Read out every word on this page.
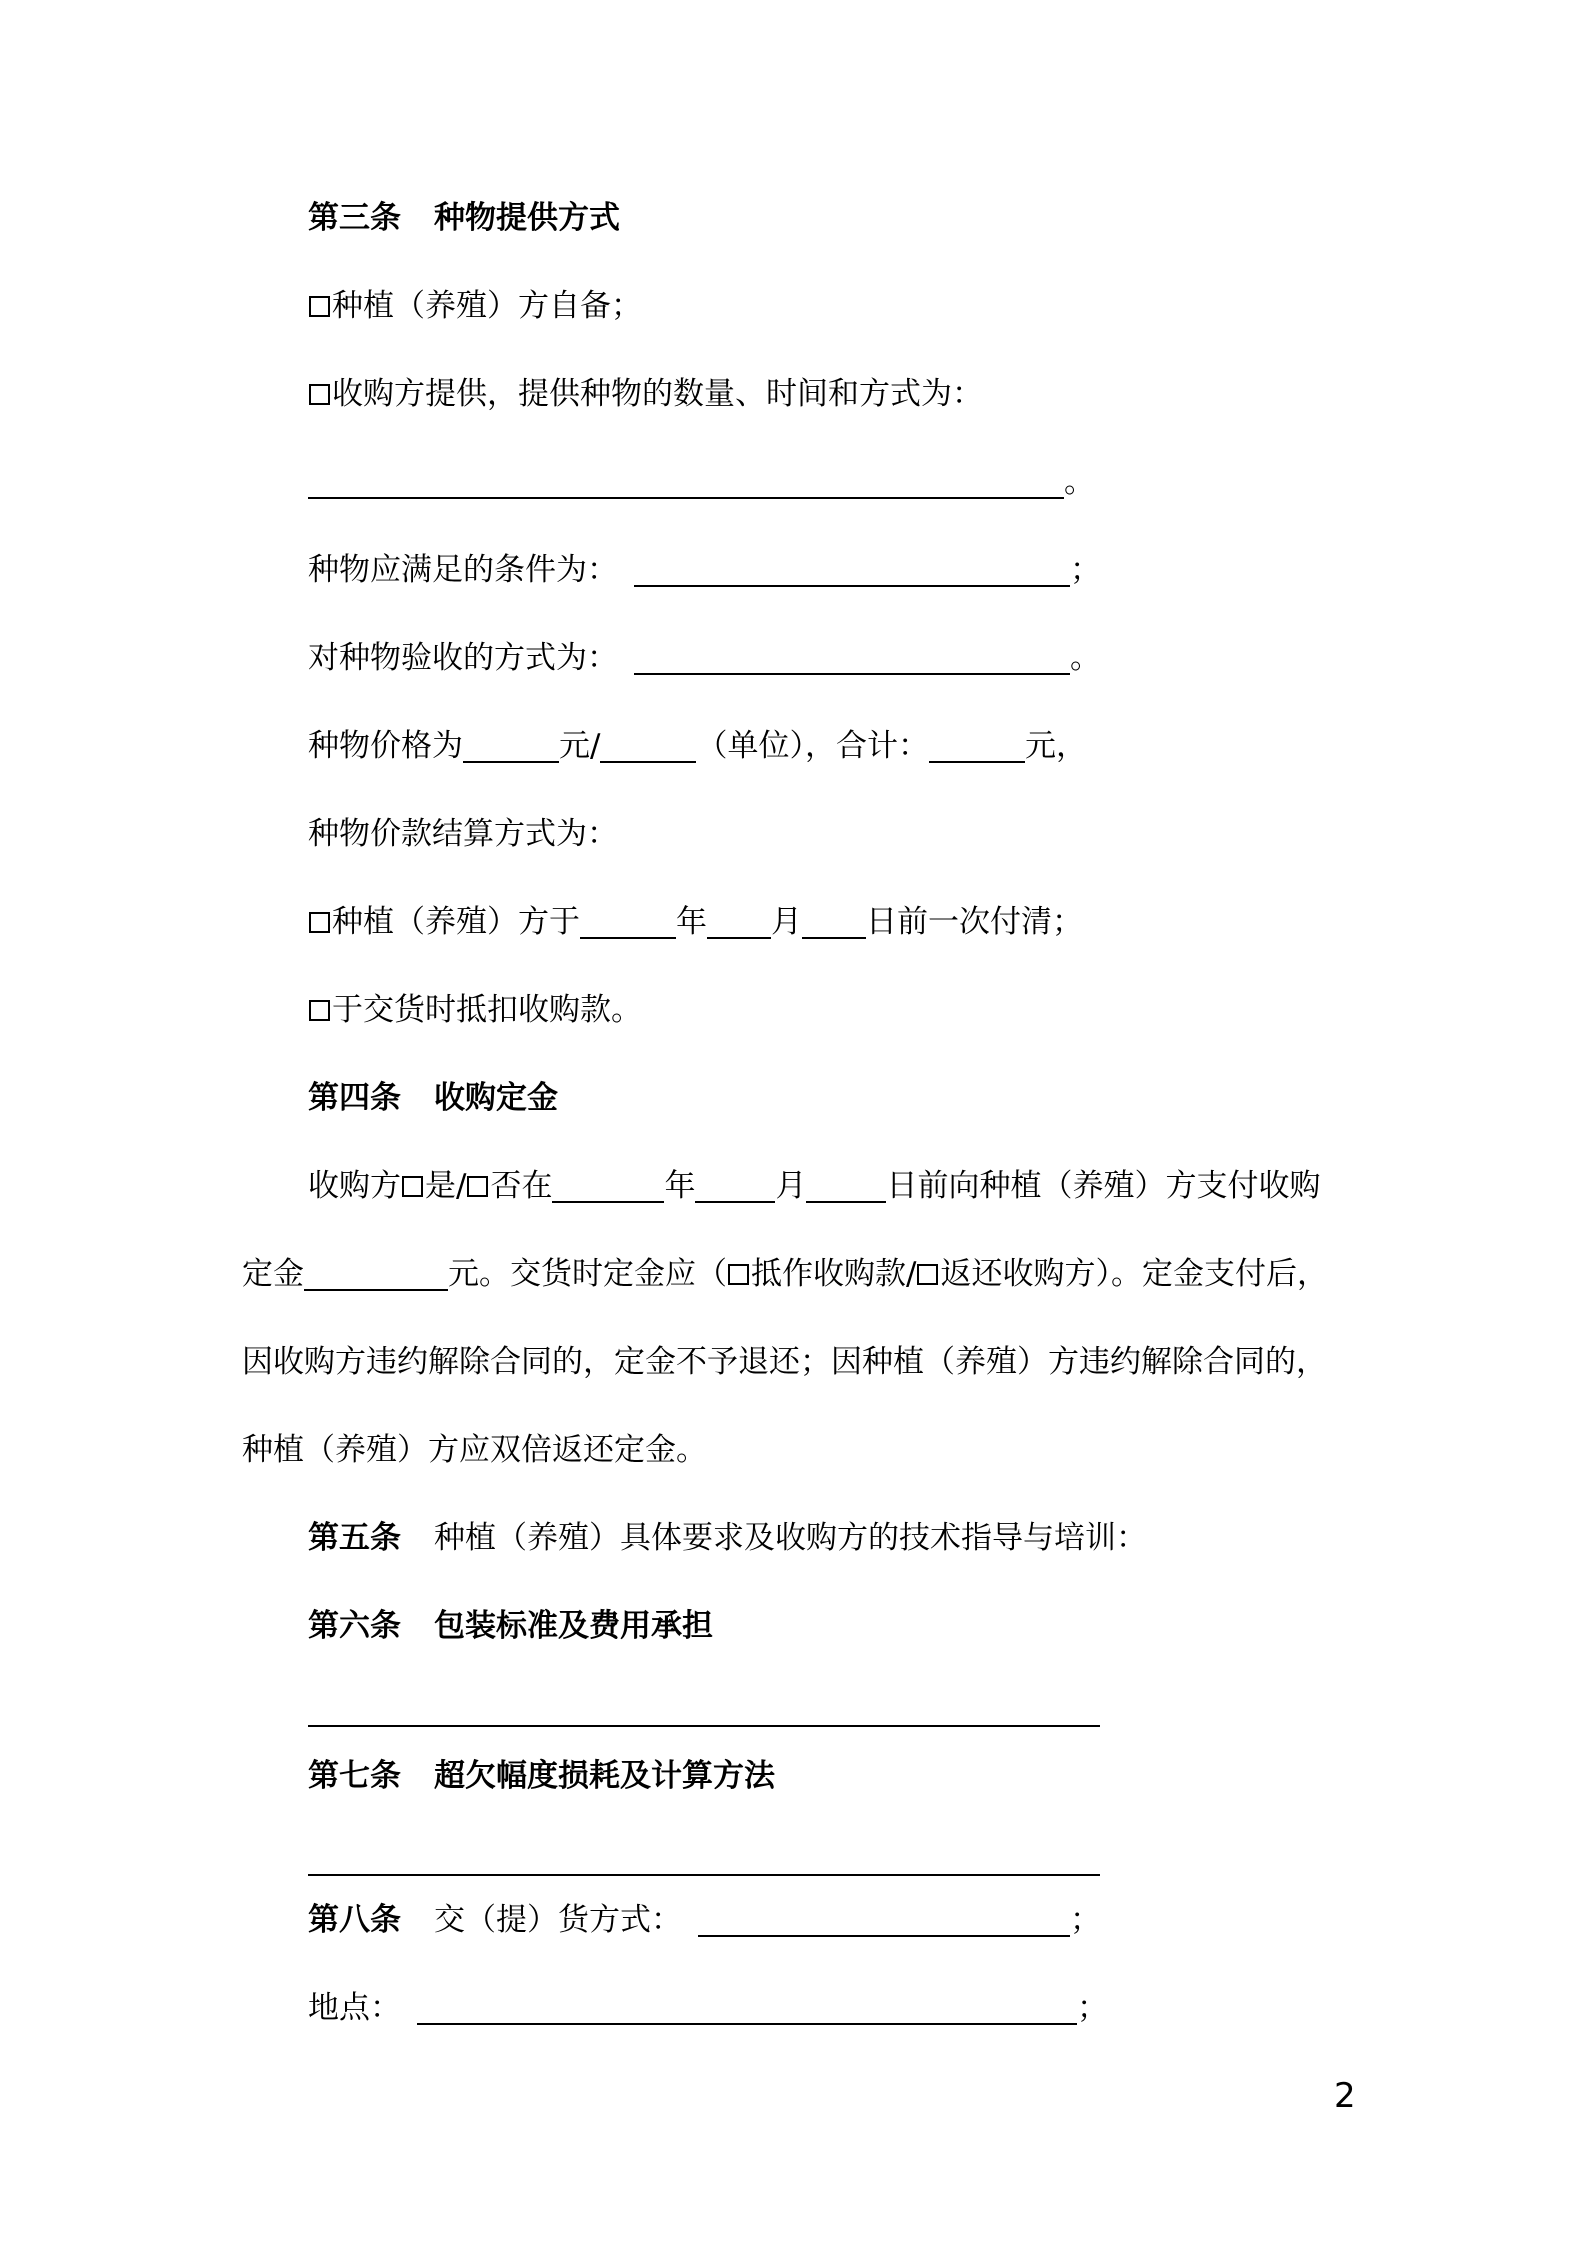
第三条 种物提供方式
种植（养殖）方自备；
收购方提供，提供种物的数量、时间和方式为：
。
种物应满足的条件为：	；
对种物验收的方式为：	。
种物价格为	元/	（单位），合计：	元，
种物价款结算方式为：
种植（养殖）方于	年 月 日前一次付清；
于交货时抵扣收购款。
第四条 收购定金
收购方 是/ 否在	年	月	日前向种植（养殖）方支付收购
定金	元。交货时定金应（ 抵作收购款/ 返还收购方）。定金支付后，
因收购方违约解除合同的，定金不予退还；因种植（养殖）方违约解除合同的，
种植（养殖）方应双倍返还定金。
第五条 种植（养殖）具体要求及收购方的技术指导与培训：
第六条 包装标准及费用承担
第七条 超欠幅度损耗及计算方法
第八条 交（提）货方式：	；
地点：	；
2
